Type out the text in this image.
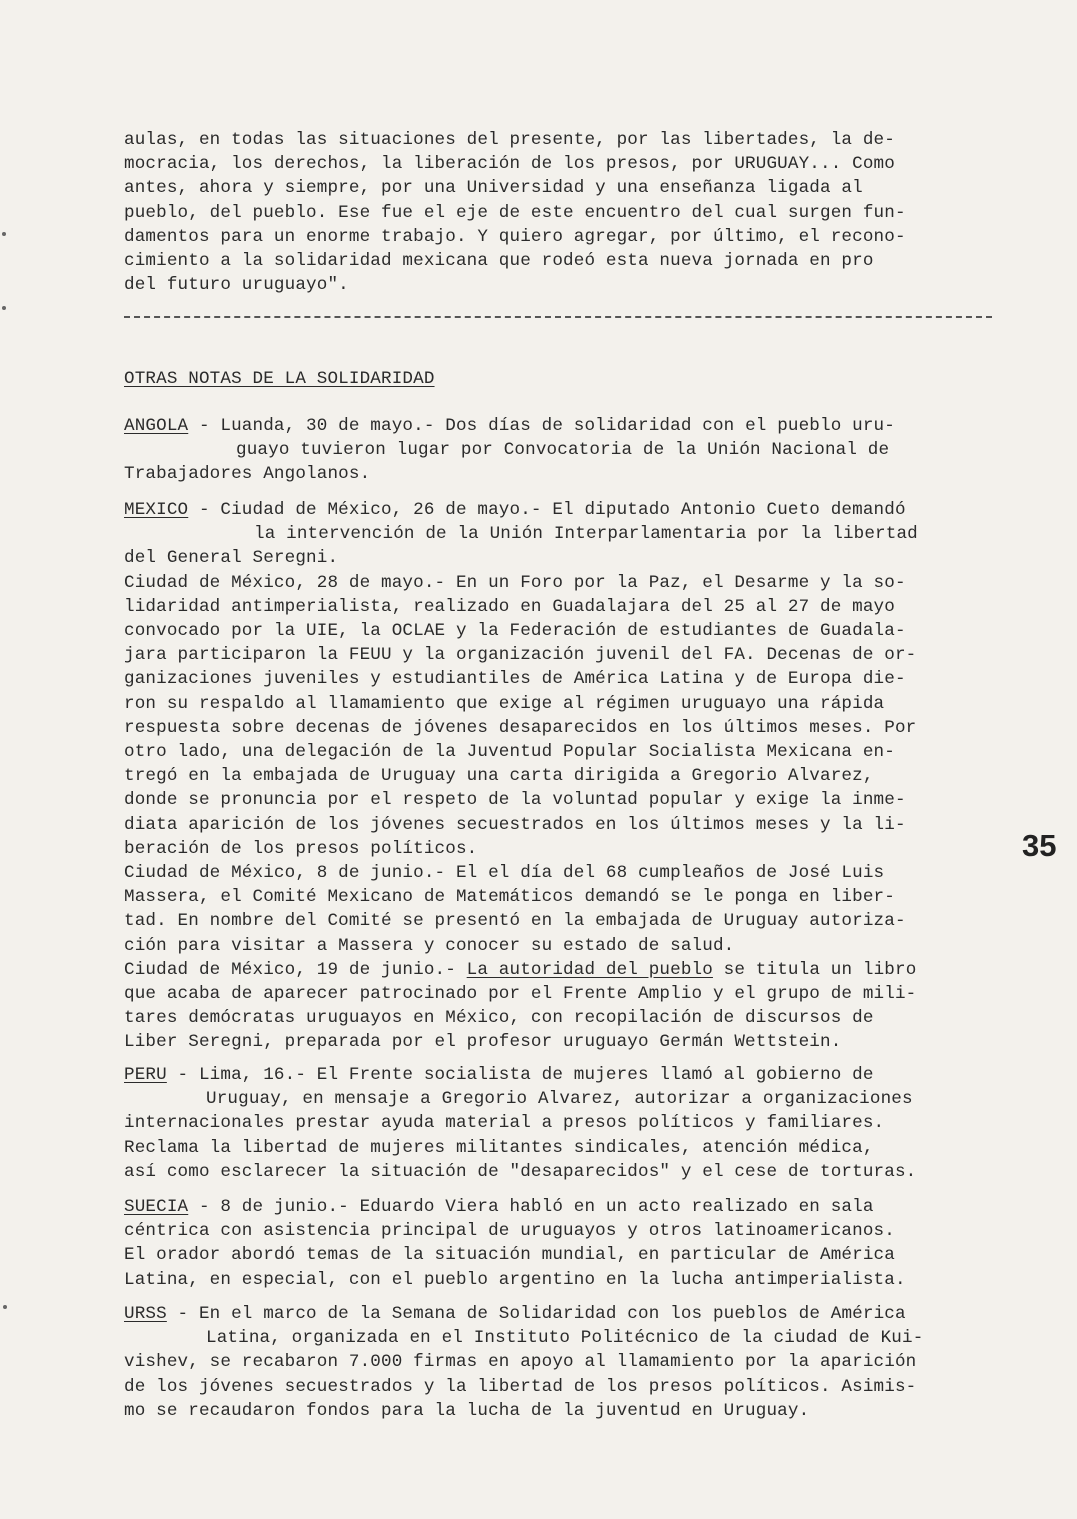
aulas, en todas las situaciones del presente, por las libertades, la de-

mocracia, los derechos, la liberación de los presos, por URUGUAY... Como

antes, ahora y siempre, por una Universidad y una enseñanza ligada al

pueblo, del pueblo. Ese fue el eje de este encuentro del cual surgen fun-

damentos para un enorme trabajo. Y quiero agregar, por último, el recono-

cimiento a la solidaridad mexicana que rodeó esta nueva jornada en pro

del futuro uruguayo".

OTRAS NOTAS DE LA SOLIDARIDAD

ANGOLA - Luanda, 30 de mayo.- Dos días de solidaridad con el pueblo uru-

guayo tuvieron lugar por Convocatoria de la Unión Nacional de

Trabajadores Angolanos.

MEXICO - Ciudad de México, 26 de mayo.- El diputado Antonio Cueto demandó

la intervención de la Unión Interparlamentaria por la libertad

del General Seregni.

Ciudad de México, 28 de mayo.- En un Foro por la Paz, el Desarme y la so-

lidaridad antimperialista, realizado en Guadalajara del 25 al 27 de mayo

convocado por la UIE, la OCLAE y la Federación de estudiantes de Guadala-

jara participaron la FEUU y la organización juvenil del FA. Decenas de or-

ganizaciones juveniles y estudiantiles de América Latina y de Europa die-

ron su respaldo al llamamiento que exige al régimen uruguayo una rápida

respuesta sobre decenas de jóvenes desaparecidos en los últimos meses. Por

otro lado, una delegación de la Juventud Popular Socialista Mexicana en-

tregó en la embajada de Uruguay una carta dirigida a Gregorio Alvarez,

donde se pronuncia por el respeto de la voluntad popular y exige la inme-

diata aparición de los jóvenes secuestrados en los últimos meses y la li-

beración de los presos políticos.

Ciudad de México, 8 de junio.- El el día del 68 cumpleaños de José Luis

Massera, el Comité Mexicano de Matemáticos demandó se le ponga en liber-

tad. En nombre del Comité se presentó en la embajada de Uruguay autoriza-

ción para visitar a Massera y conocer su estado de salud.

Ciudad de México, 19 de junio.- La autoridad del pueblo se titula un libro

que acaba de aparecer patrocinado por el Frente Amplio y el grupo de mili-

tares demócratas uruguayos en México, con recopilación de discursos de

Liber Seregni, preparada por el profesor uruguayo Germán Wettstein.

PERU - Lima, 16.- El Frente socialista de mujeres llamó al gobierno de

Uruguay, en mensaje a Gregorio Alvarez, autorizar a organizaciones

internacionales prestar ayuda material a presos políticos y familiares.

Reclama la libertad de mujeres militantes sindicales, atención médica,

así como esclarecer la situación de "desaparecidos" y el cese de torturas.

SUECIA - 8 de junio.- Eduardo Viera habló en un acto realizado en sala

céntrica con asistencia principal de uruguayos y otros latinoamericanos.

El orador abordó temas de la situación mundial, en particular de América

Latina, en especial, con el pueblo argentino en la lucha antimperialista.

URSS - En el marco de la Semana de Solidaridad con los pueblos de América

Latina, organizada en el Instituto Politécnico de la ciudad de Kui-

vishev, se recabaron 7.000 firmas en apoyo al llamamiento por la aparición

de los jóvenes secuestrados y la libertad de los presos políticos. Asimis-

mo se recaudaron fondos para la lucha de la juventud en Uruguay.

35
